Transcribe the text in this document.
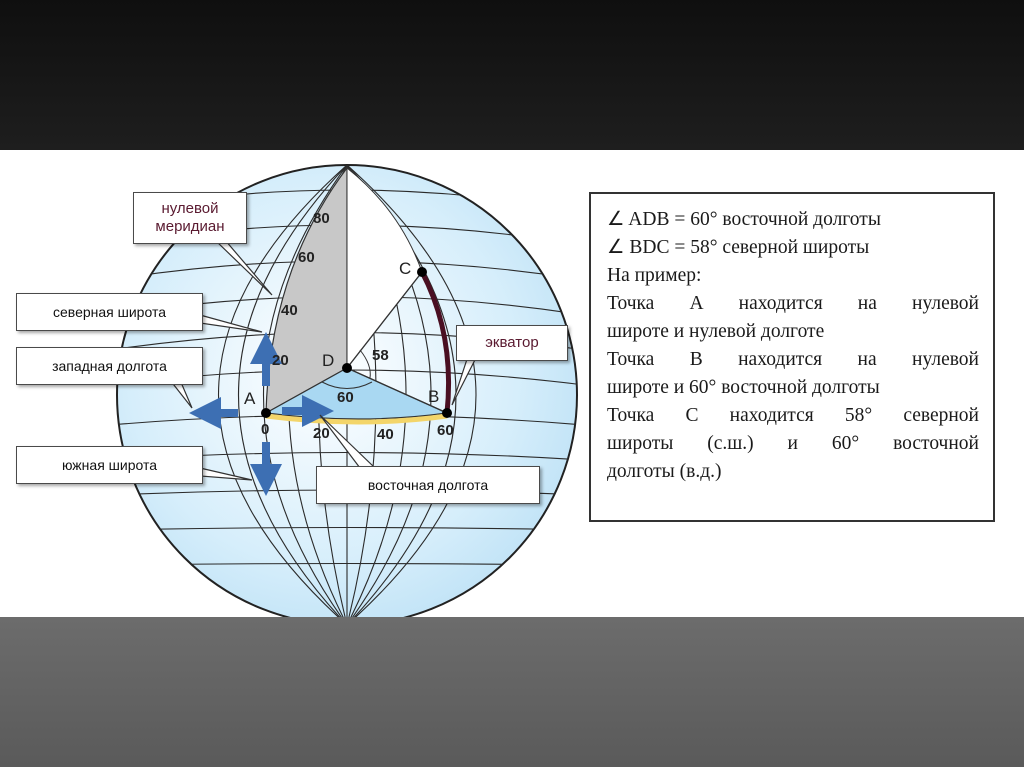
80
60
40
20
0	20	40	60
60
58
A	B
C
D
нулевой
меридиан
северная широта
западная долгота
южная широта
восточная долгота
экватор
∠ ADB = 60° восточной долготы
∠ BDC = 58° северной широты
На пример:
Точка А находится на нулевой
широте и нулевой долготе
Точка В находится на нулевой
широте и 60° восточной долготы
Точка С находится 58° северной
широты (с.ш.) и 60° восточной
долготы (в.д.)
